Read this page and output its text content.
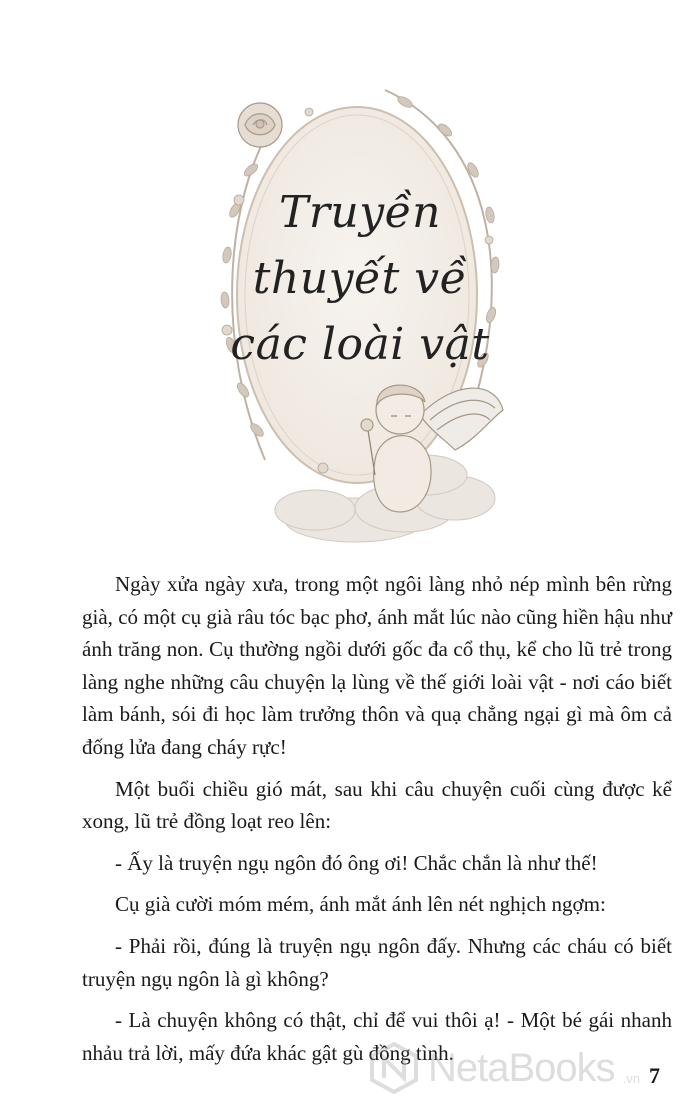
Truyền
thuyết về
các loài vật

Ngày xửa ngày xưa, trong một ngôi làng nhỏ nép mình bên rừng già, có một cụ già râu tóc bạc phơ, ánh mắt lúc nào cũng hiền hậu như ánh trăng non. Cụ thường ngồi dưới gốc đa cổ thụ, kể cho lũ trẻ trong làng nghe những câu chuyện lạ lùng về thế giới loài vật - nơi cáo biết làm bánh, sói đi học làm trưởng thôn và quạ chẳng ngại gì mà ôm cả đống lửa đang cháy rực!

Một buổi chiều gió mát, sau khi câu chuyện cuối cùng được kể xong, lũ trẻ đồng loạt reo lên:

- Ấy là truyện ngụ ngôn đó ông ơi! Chắc chắn là như thế!

Cụ già cười móm mém, ánh mắt ánh lên nét nghịch ngợm:

- Phải rồi, đúng là truyện ngụ ngôn đấy. Nhưng các cháu có biết truyện ngụ ngôn là gì không?

- Là chuyện không có thật, chỉ để vui thôi ạ! - Một bé gái nhanh nhảu trả lời, mấy đứa khác gật gù đồng tình.

NetaBooks .vn 7
